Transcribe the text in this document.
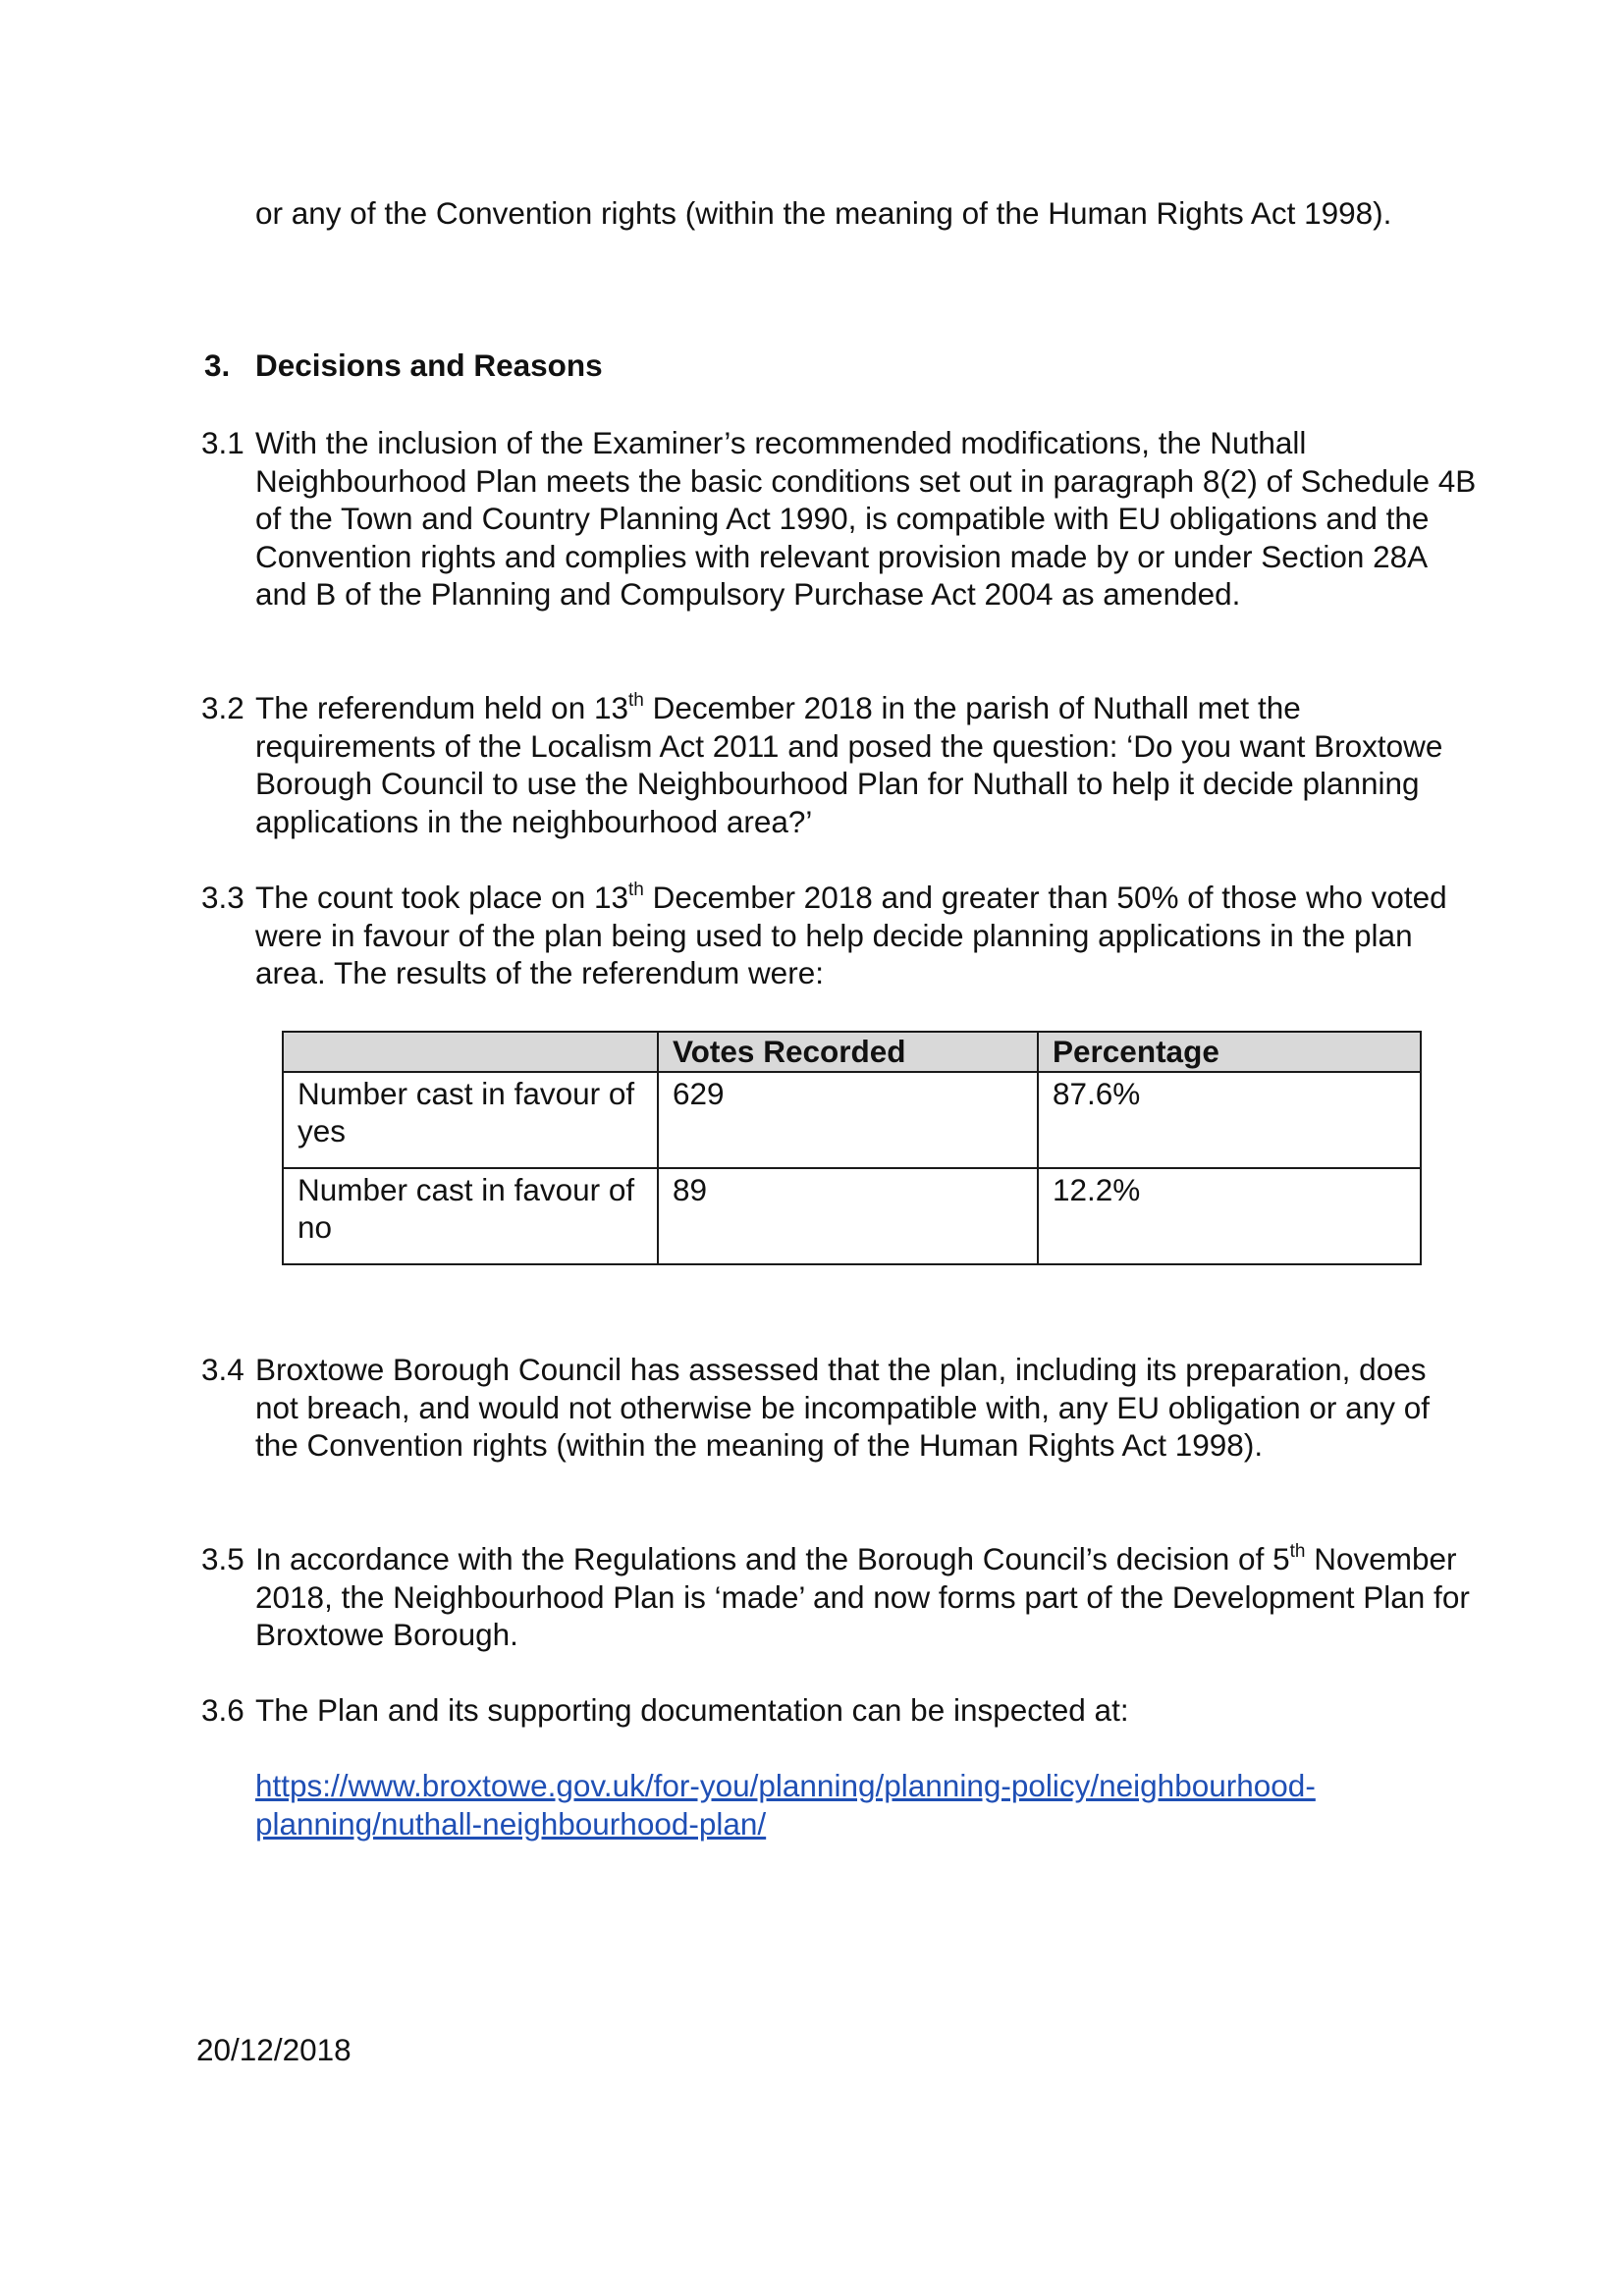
or any of the Convention rights (within the meaning of the Human Rights Act 1998).
3. Decisions and Reasons
3.1 With the inclusion of the Examiner’s recommended modifications, the Nuthall Neighbourhood Plan meets the basic conditions set out in paragraph 8(2) of Schedule 4B of the Town and Country Planning Act 1990, is compatible with EU obligations and the Convention rights and complies with relevant provision made by or under Section 28A and B of the Planning and Compulsory Purchase Act 2004 as amended.
3.2 The referendum held on 13th December 2018 in the parish of Nuthall met the requirements of the Localism Act 2011 and posed the question: ‘Do you want Broxtowe Borough Council to use the Neighbourhood Plan for Nuthall to help it decide planning applications in the neighbourhood area?’
3.3 The count took place on 13th December 2018 and greater than 50% of those who voted were in favour of the plan being used to help decide planning applications in the plan area. The results of the referendum were:
	Votes Recorded	Percentage
Number cast in favour of yes	629	87.6%
Number cast in favour of no	89	12.2%
3.4 Broxtowe Borough Council has assessed that the plan, including its preparation, does not breach, and would not otherwise be incompatible with, any EU obligation or any of the Convention rights (within the meaning of the Human Rights Act 1998).
3.5 In accordance with the Regulations and the Borough Council’s decision of 5th November 2018, the Neighbourhood Plan is ‘made’ and now forms part of the Development Plan for Broxtowe Borough.
3.6 The Plan and its supporting documentation can be inspected at:
https://www.broxtowe.gov.uk/for-you/planning/planning-policy/neighbourhood-
planning/nuthall-neighbourhood-plan/
20/12/2018
